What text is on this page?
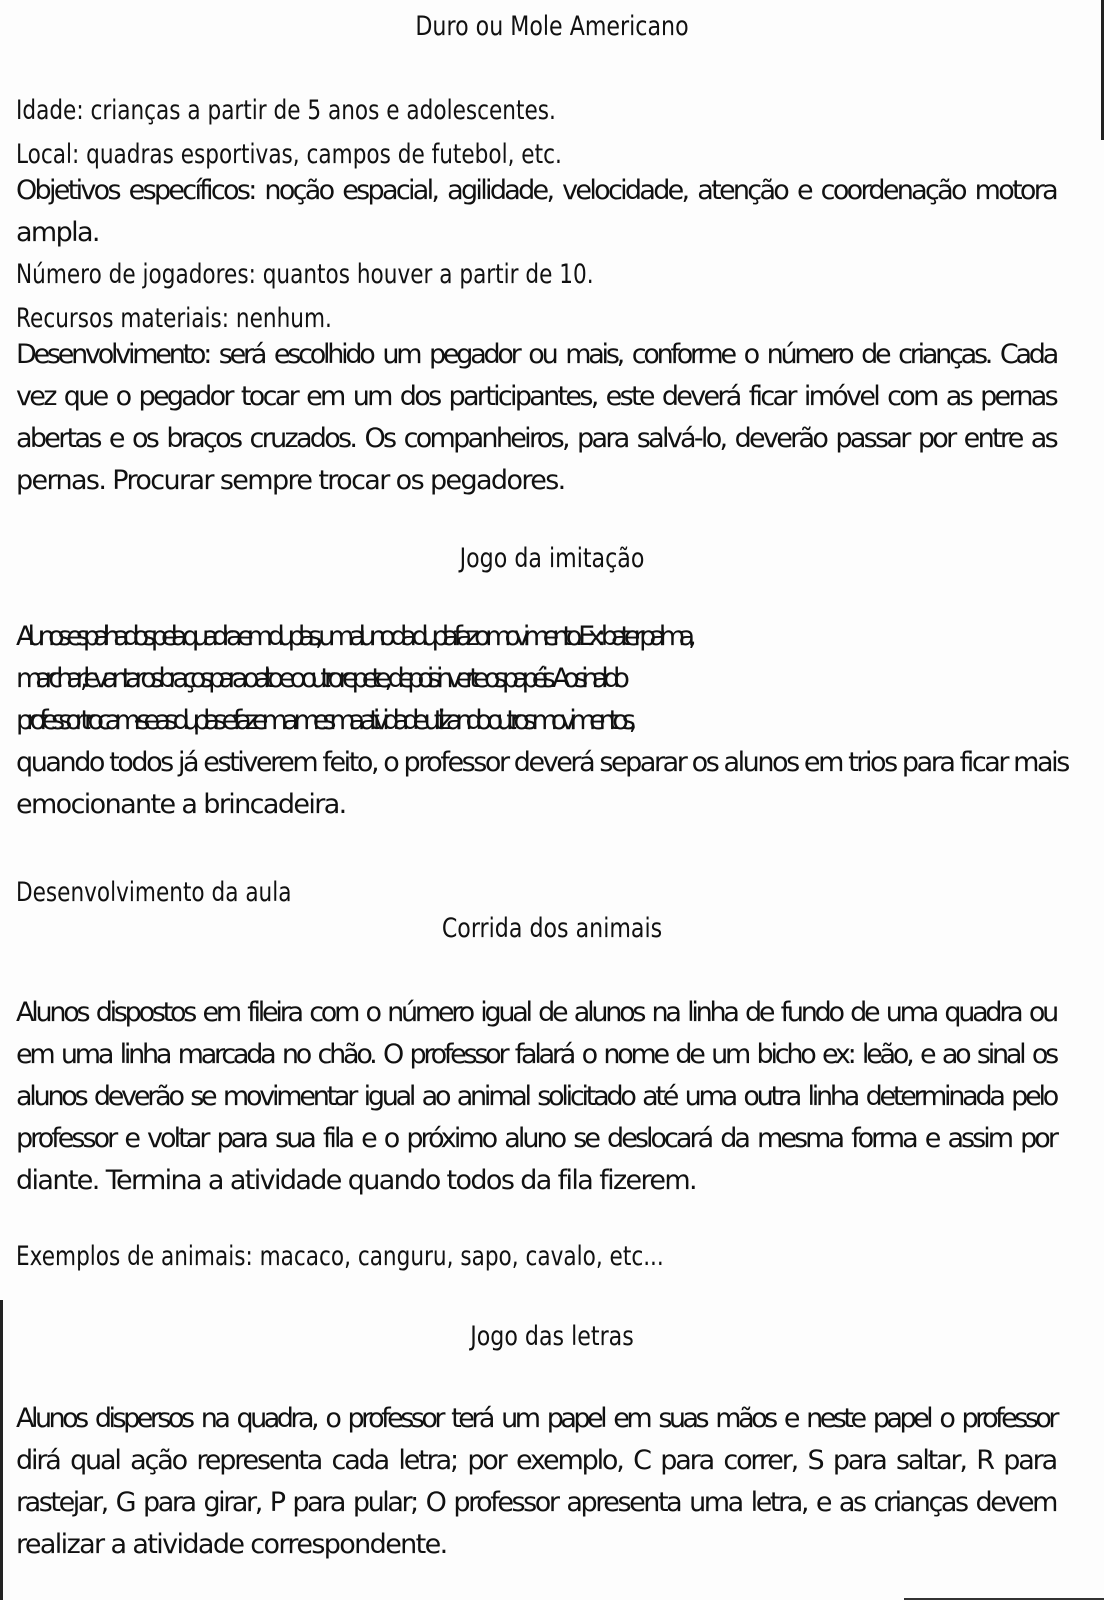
Duro ou Mole Americano
Idade: crianças a partir de 5 anos e adolescentes.
Local: quadras esportivas, campos de futebol, etc.
Objetivos específicos: noção espacial, agilidade, velocidade, atenção e coordenação motora
ampla.
Número de jogadores: quantos houver a partir de 10.
Recursos materiais: nenhum.
Desenvolvimento: será escolhido um pegador ou mais, conforme o número de crianças. Cada
vez que o pegador tocar em um dos participantes, este deverá ficar imóvel com as pernas
abertas e os braços cruzados. Os companheiros, para salvá-lo, deverão passar por entre as
pernas. Procurar sempre trocar os pegadores.
Jogo da imitação
Alunos espalhados pela quadra em duplas, um aluno da dupla faz o movimento. Ex: bater palma,
marchar, levantar os braços para o alto e o outro repete, depois inverte os papéis. Ao sinal do
professor trocam-se as duplas e fazem a mesma atividade utilizando outros movimentos,
quando todos já estiverem feito, o professor deverá separar os alunos em trios para ficar mais
emocionante a brincadeira.
Desenvolvimento da aula
Corrida dos animais
Alunos dispostos em fileira com o número igual de alunos na linha de fundo de uma quadra ou
em uma linha marcada no chão. O professor falará o nome de um bicho ex: leão, e ao sinal os
alunos deverão se movimentar igual ao animal solicitado até uma outra linha determinada pelo
professor e voltar para sua fila e o próximo aluno se deslocará da mesma forma e assim por
diante. Termina a atividade quando todos da fila fizerem.
Exemplos de animais: macaco, canguru, sapo, cavalo, etc...
Jogo das letras
Alunos dispersos na quadra, o professor terá um papel em suas mãos e neste papel o professor
dirá qual ação representa cada letra; por exemplo, C para correr, S para saltar, R para
rastejar, G para girar, P para pular; O professor apresenta uma letra, e as crianças devem
realizar a atividade correspondente.
